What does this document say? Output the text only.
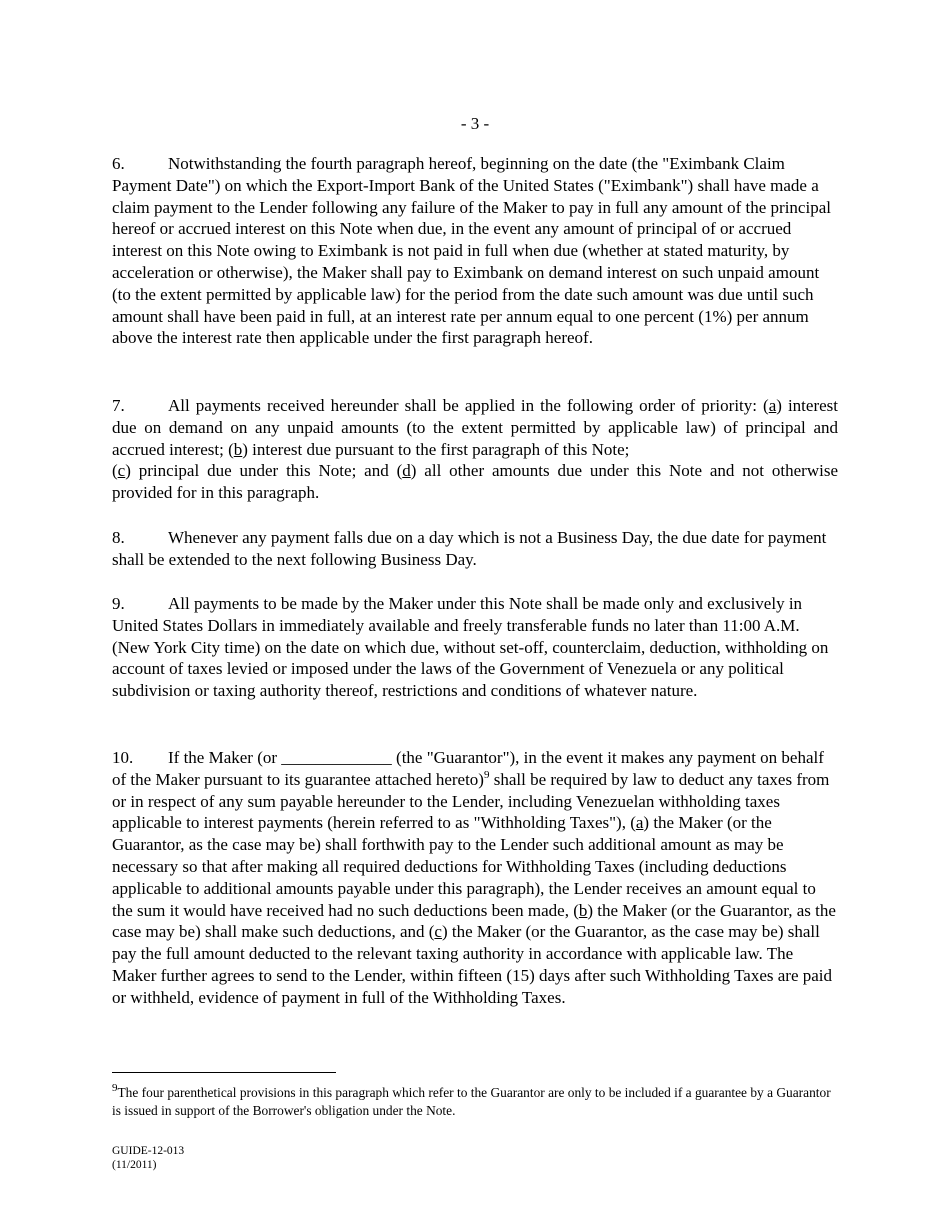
- 3 -

6.	Notwithstanding the fourth paragraph hereof, beginning on the date (the "Eximbank Claim Payment Date") on which the Export-Import Bank of the United States ("Eximbank") shall have made a claim payment to the Lender following any failure of the Maker to pay in full any amount of the principal hereof or accrued interest on this Note when due, in the event any amount of principal of or accrued interest on this Note owing to Eximbank is not paid in full when due (whether at stated maturity, by acceleration or otherwise), the Maker shall pay to Eximbank on demand interest on such unpaid amount (to the extent permitted by applicable law) for the period from the date such amount was due until such amount shall have been paid in full, at an interest rate per annum equal to one percent (1%) per annum above the interest rate then applicable under the first paragraph hereof.

7.	All payments received hereunder shall be applied in the following order of priority: (a) interest due on demand on any unpaid amounts (to the extent permitted by applicable law) of principal and accrued interest; (b) interest due pursuant to the first paragraph of this Note;
(c) principal due under this Note; and (d) all other amounts due under this Note and not otherwise provided for in this paragraph.

8.	Whenever any payment falls due on a day which is not a Business Day, the due date for payment shall be extended to the next following Business Day.

9.	All payments to be made by the Maker under this Note shall be made only and exclusively in United States Dollars in immediately available and freely transferable funds no later than 11:00 A.M. (New York City time) on the date on which due, without set-off, counterclaim, deduction, withholding on account of taxes levied or imposed under the laws of the Government of Venezuela or any political subdivision or taxing authority thereof, restrictions and conditions of whatever nature.

10. If the Maker (or _____________ (the "Guarantor"), in the event it makes any payment on behalf of the Maker pursuant to its guarantee attached hereto)$^9$ shall be required by law to deduct any taxes from or in respect of any sum payable hereunder to the Lender, including Venezuelan withholding taxes applicable to interest payments (herein referred to as "Withholding Taxes"), (a) the Maker (or the Guarantor, as the case may be) shall forthwith pay to the Lender such additional amount as may be necessary so that after making all required deductions for Withholding Taxes (including deductions applicable to additional amounts payable under this paragraph), the Lender receives an amount equal to the sum it would have received had no such deductions been made, (b) the Maker (or the Guarantor, as the case may be) shall make such deductions, and (c) the Maker (or the Guarantor, as the case may be) shall pay the full amount deducted to the relevant taxing authority in accordance with applicable law. The Maker further agrees to send to the Lender, within fifteen (15) days after such Withholding Taxes are paid or withheld, evidence of payment in full of the Withholding Taxes.

$^9$The four parenthetical provisions in this paragraph which refer to the Guarantor are only to be included if a guarantee by a Guarantor is issued in support of the Borrower's obligation under the Note.

GUIDE-12-013
(11/2011)
